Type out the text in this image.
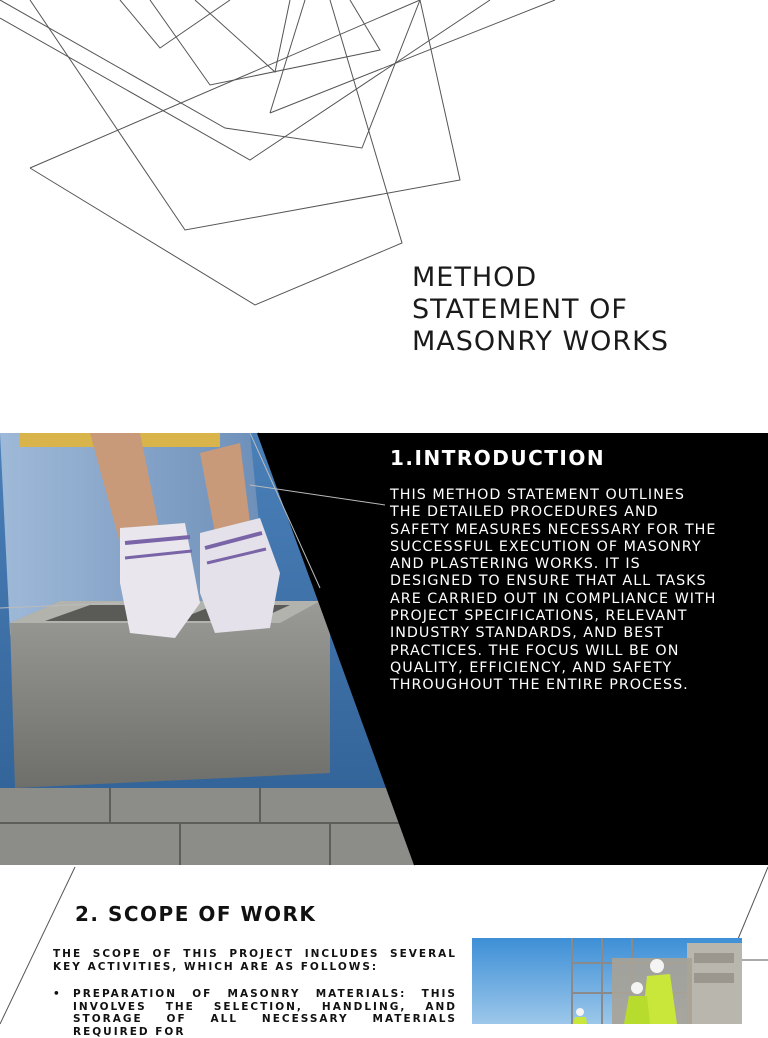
METHOD
STATEMENT OF
MASONRY WORKS
1.INTRODUCTION
THIS METHOD STATEMENT OUTLINES THE DETAILED PROCEDURES AND SAFETY MEASURES NECESSARY FOR THE SUCCESSFUL EXECUTION OF MASONRY AND PLASTERING WORKS. IT IS DESIGNED TO ENSURE THAT ALL TASKS ARE CARRIED OUT IN COMPLIANCE WITH PROJECT SPECIFICATIONS, RELEVANT INDUSTRY STANDARDS, AND BEST PRACTICES. THE FOCUS WILL BE ON QUALITY, EFFICIENCY, AND SAFETY THROUGHOUT THE ENTIRE PROCESS.
2. SCOPE OF WORK
THE SCOPE OF THIS PROJECT INCLUDES SEVERAL KEY ACTIVITIES, WHICH ARE AS FOLLOWS:
• PREPARATION OF MASONRY MATERIALS: THIS INVOLVES THE SELECTION, HANDLING, AND STORAGE OF ALL NECESSARY MATERIALS REQUIRED FOR
